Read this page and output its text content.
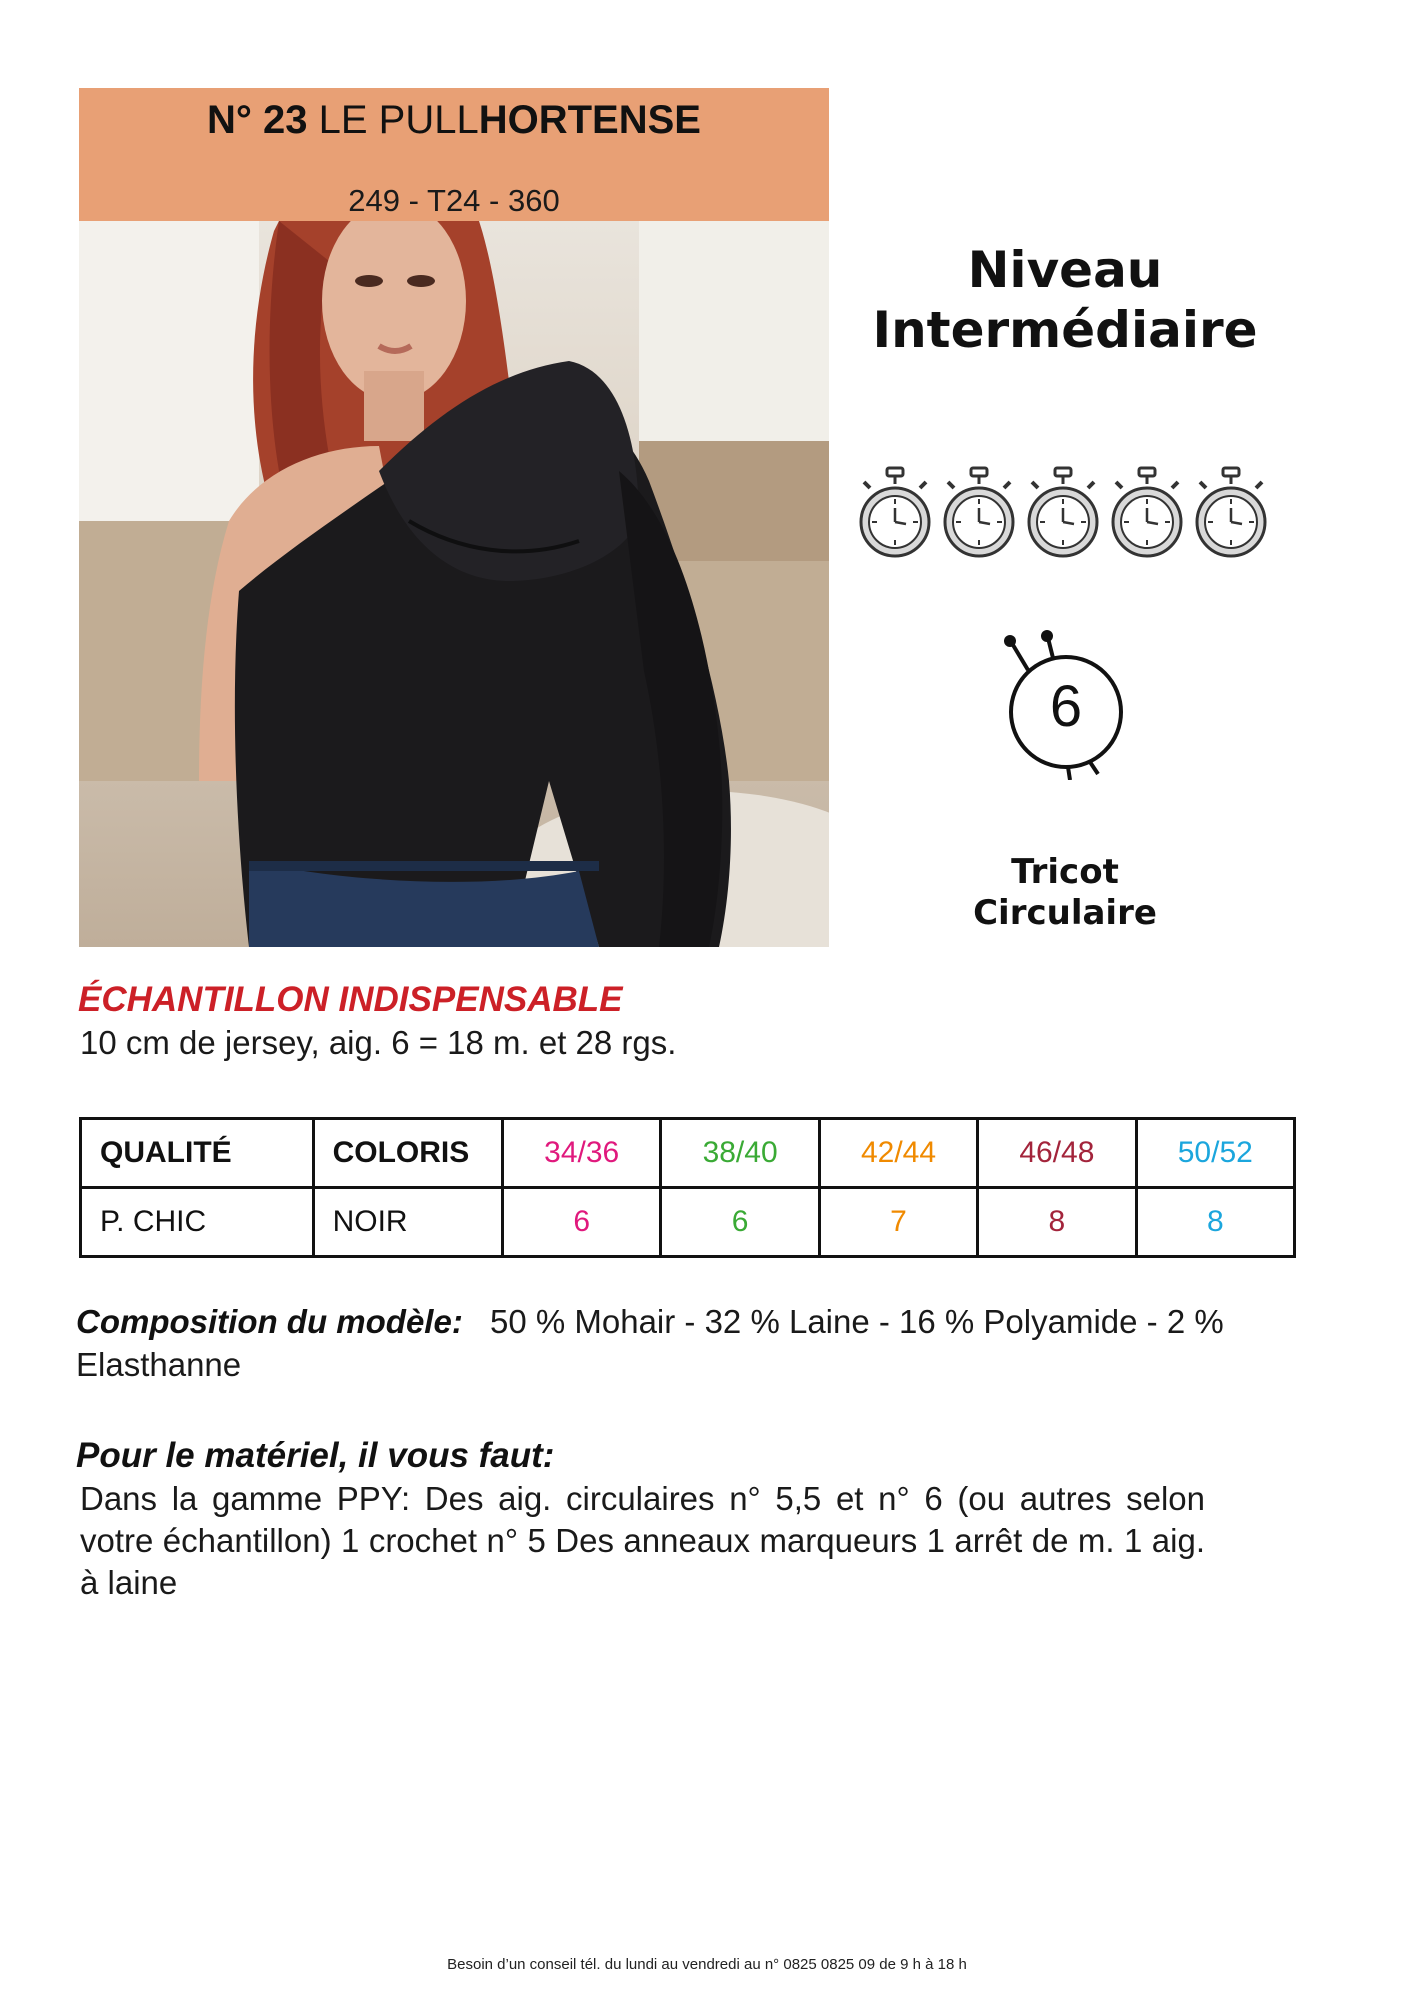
N° 23 LE PULLHORTENSE
249 - T24 - 360
Niveau
Intermédiaire
6
Tricot
Circulaire
ÉCHANTILLON INDISPENSABLE
10 cm de jersey, aig. 6 = 18 m. et 28 rgs.
QUALITÉ	COLORIS	34/36	38/40	42/44	46/48	50/52
P. CHIC	NOIR	6	6	7	8	8
Composition du modèle: 50 % Mohair - 32 % Laine - 16 % Polyamide - 2 % Elasthanne
Pour le matériel, il vous faut:
Dans la gamme PPY: Des aig. circulaires n° 5,5 et n° 6 (ou autres selon votre échantillon) 1 crochet n° 5 Des anneaux marqueurs 1 arrêt de m. 1 aig. à laine
Besoin d’un conseil tél. du lundi au vendredi au n° 0825 0825 09 de 9 h à 18 h
